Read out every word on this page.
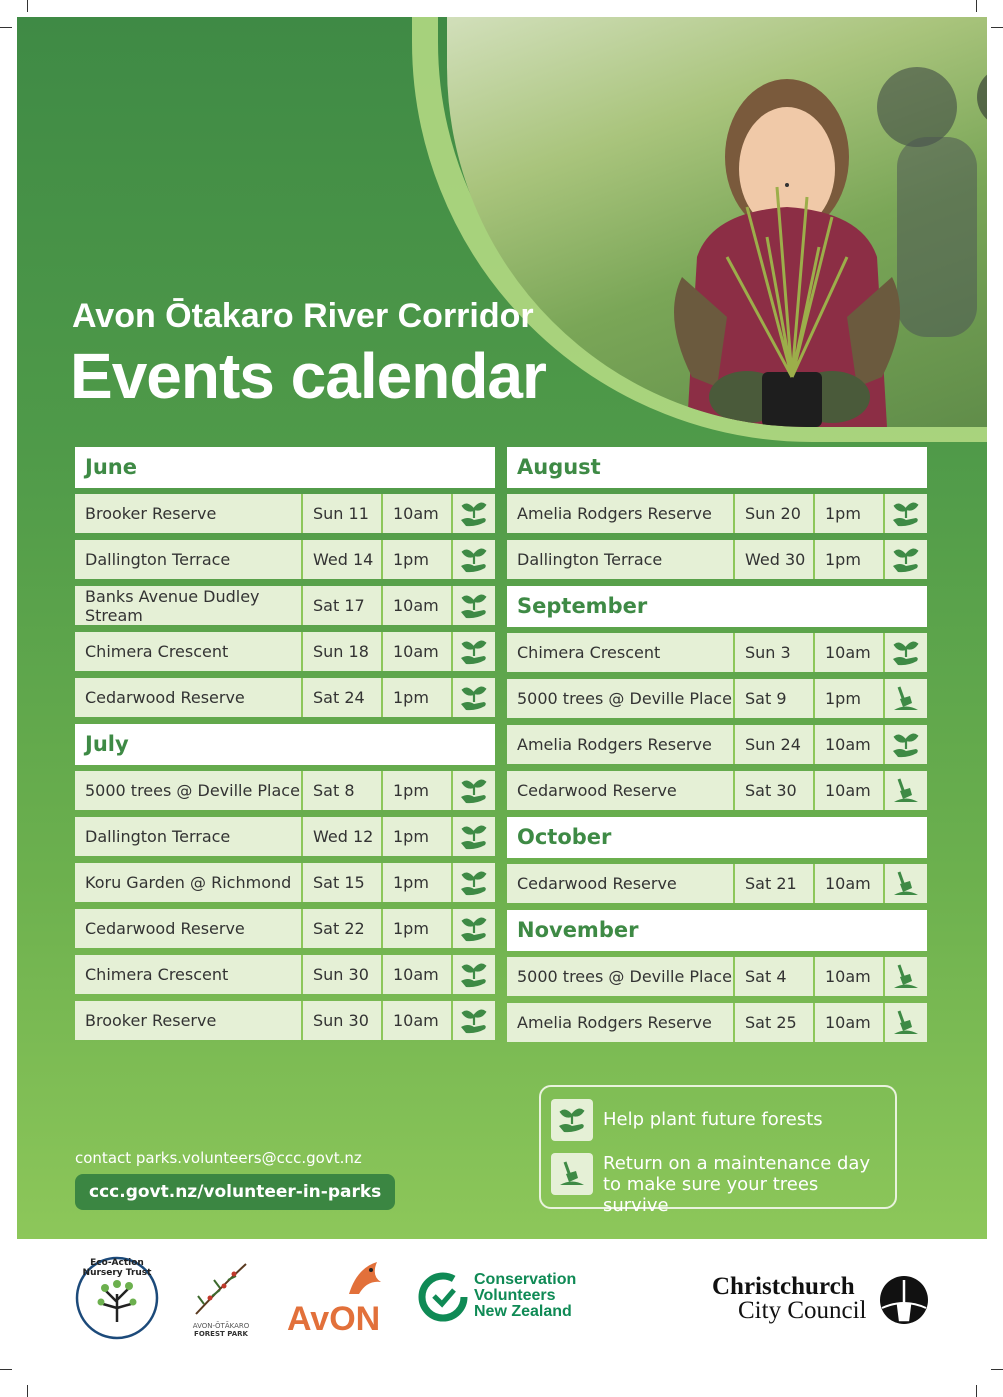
Avon Ōtakaro River Corridor
Events calendar
June
Brooker Reserve	Sun 11	10am
Dallington Terrace	Wed 14	1pm
Banks Avenue Dudley Stream	Sat 17	10am
Chimera Crescent	Sun 18	10am
Cedarwood Reserve	Sat 24	1pm
July
5000 trees @ Deville Place Sat 8	1pm
Dallington Terrace	Wed 12	1pm
Koru Garden @ Richmond	Sat 15	1pm
Cedarwood Reserve	Sat 22	1pm
Chimera Crescent	Sun 30	10am
Brooker Reserve	Sun 30	10am
August
Amelia Rodgers Reserve	Sun 20	1pm
Dallington Terrace	Wed 30	1pm
September
Chimera Crescent	Sun 3	10am
5000 trees @ Deville Place Sat 9	1pm
Amelia Rodgers Reserve	Sun 24	10am
Cedarwood Reserve	Sat 30	10am
October
Cedarwood Reserve	Sat 21	10am
November
5000 trees @ Deville Place Sat 4	10am
Amelia Rodgers Reserve	Sat 25	10am
Help plant future forests
Return on a maintenance day to make sure your trees survive
contact parks.volunteers@ccc.govt.nz
ccc.govt.nz/volunteer-in-parks
Eco-Action Nursery Trust
AVON-ŌTĀKARO
FOREST PARK AvON
Conservation
Volunteers
New Zealand
Christchurch
City Council
